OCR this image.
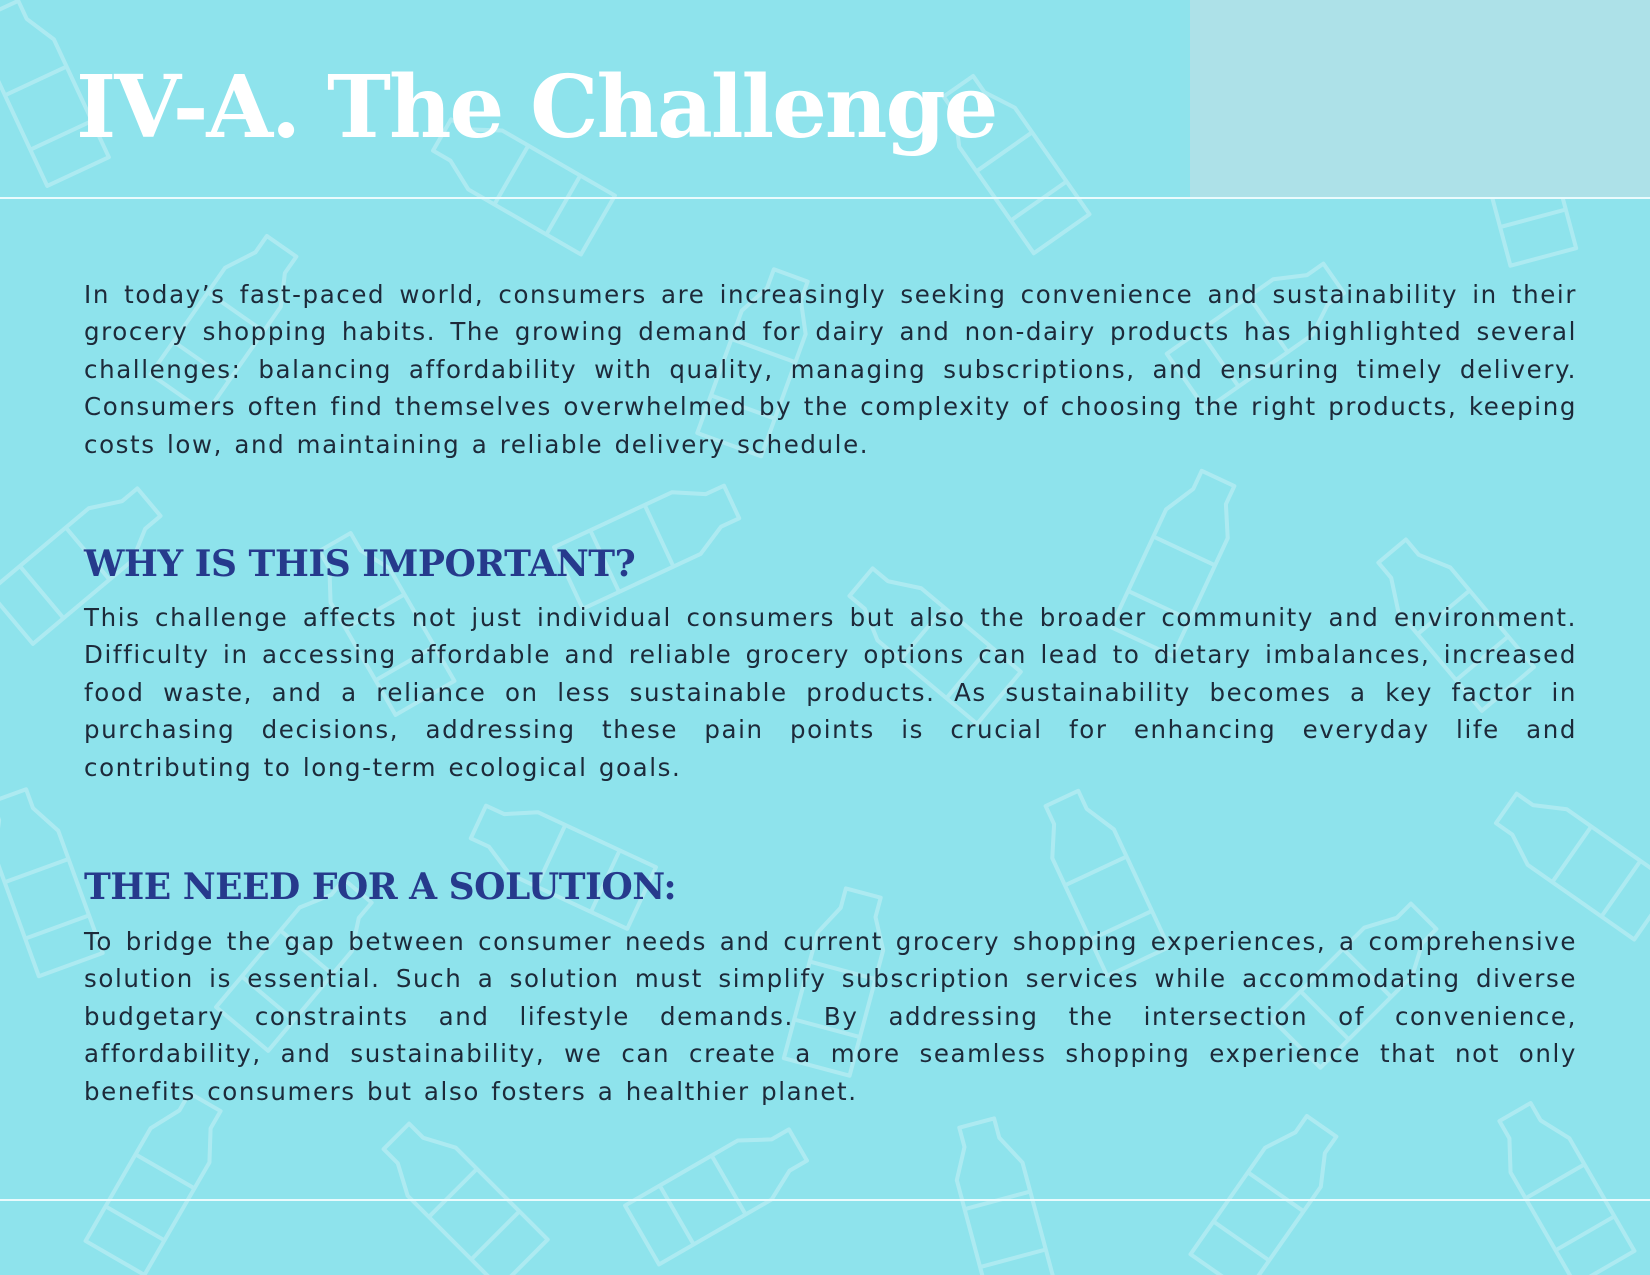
IV-A. The Challenge

In today’s fast-paced world, consumers are increasingly seeking convenience and sustainability in their grocery shopping habits. The growing demand for dairy and non-dairy products has highlighted several challenges: balancing affordability with quality, managing subscriptions, and ensuring timely delivery. Consumers often find themselves overwhelmed by the complexity of choosing the right products, keeping costs low, and maintaining a reliable delivery schedule.

WHY IS THIS IMPORTANT?

This challenge affects not just individual consumers but also the broader community and environment. Difficulty in accessing affordable and reliable grocery options can lead to dietary imbalances, increased food waste, and a reliance on less sustainable products. As sustainability becomes a key factor in purchasing decisions, addressing these pain points is crucial for enhancing everyday life and contributing to long-term ecological goals.

THE NEED FOR A SOLUTION:

To bridge the gap between consumer needs and current grocery shopping experiences, a comprehensive solution is essential. Such a solution must simplify subscription services while accommodating diverse budgetary constraints and lifestyle demands. By addressing the intersection of convenience, affordability, and sustainability, we can create a more seamless shopping experience that not only benefits consumers but also fosters a healthier planet.
